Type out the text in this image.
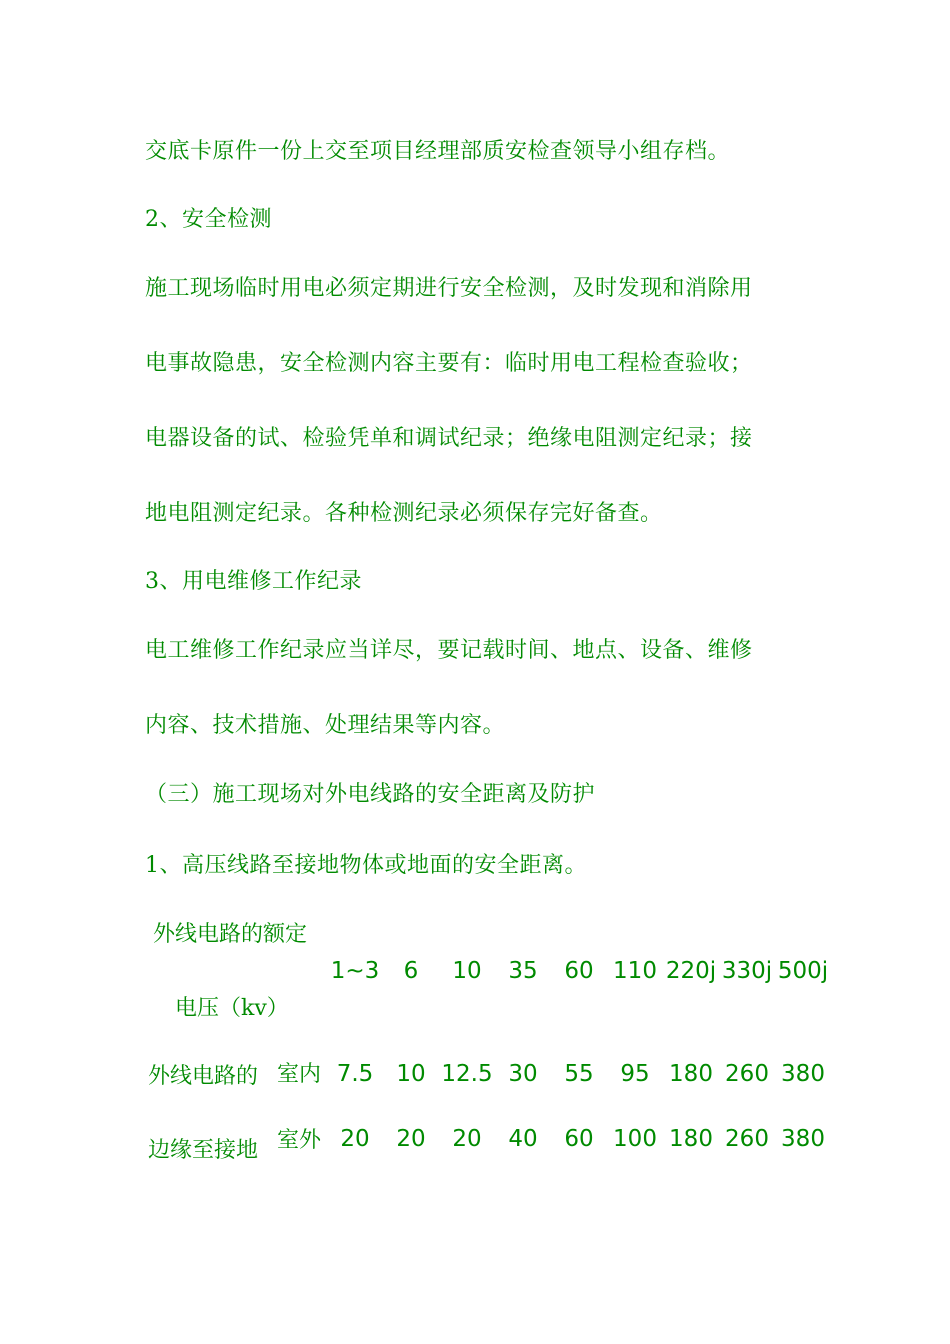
交底卡原件一份上交至项目经理部质安检查领导小组存档。
2、安全检测
施工现场临时用电必须定期进行安全检测，及时发现和消除用
电事故隐患，安全检测内容主要有：临时用电工程检查验收；
电器设备的试、检验凭单和调试纪录；绝缘电阻测定纪录；接
地电阻测定纪录。各种检测纪录必须保存完好备查。
3、用电维修工作纪录
电工维修工作纪录应当详尽，要记载时间、地点、设备、维修
内容、技术措施、处理结果等内容。
（三）施工现场对外电线路的安全距离及防护
1、高压线路至接地物体或地面的安全距离。
外线电路的额定
电压（kv）
1~3	6	10	35	60 110 220j 330j 500j
外线电路的
边缘至接地
室内 7.5	10 12.5 30	55	95 180 260 380
室外 20	20	20	40	60 100 180 260 380
